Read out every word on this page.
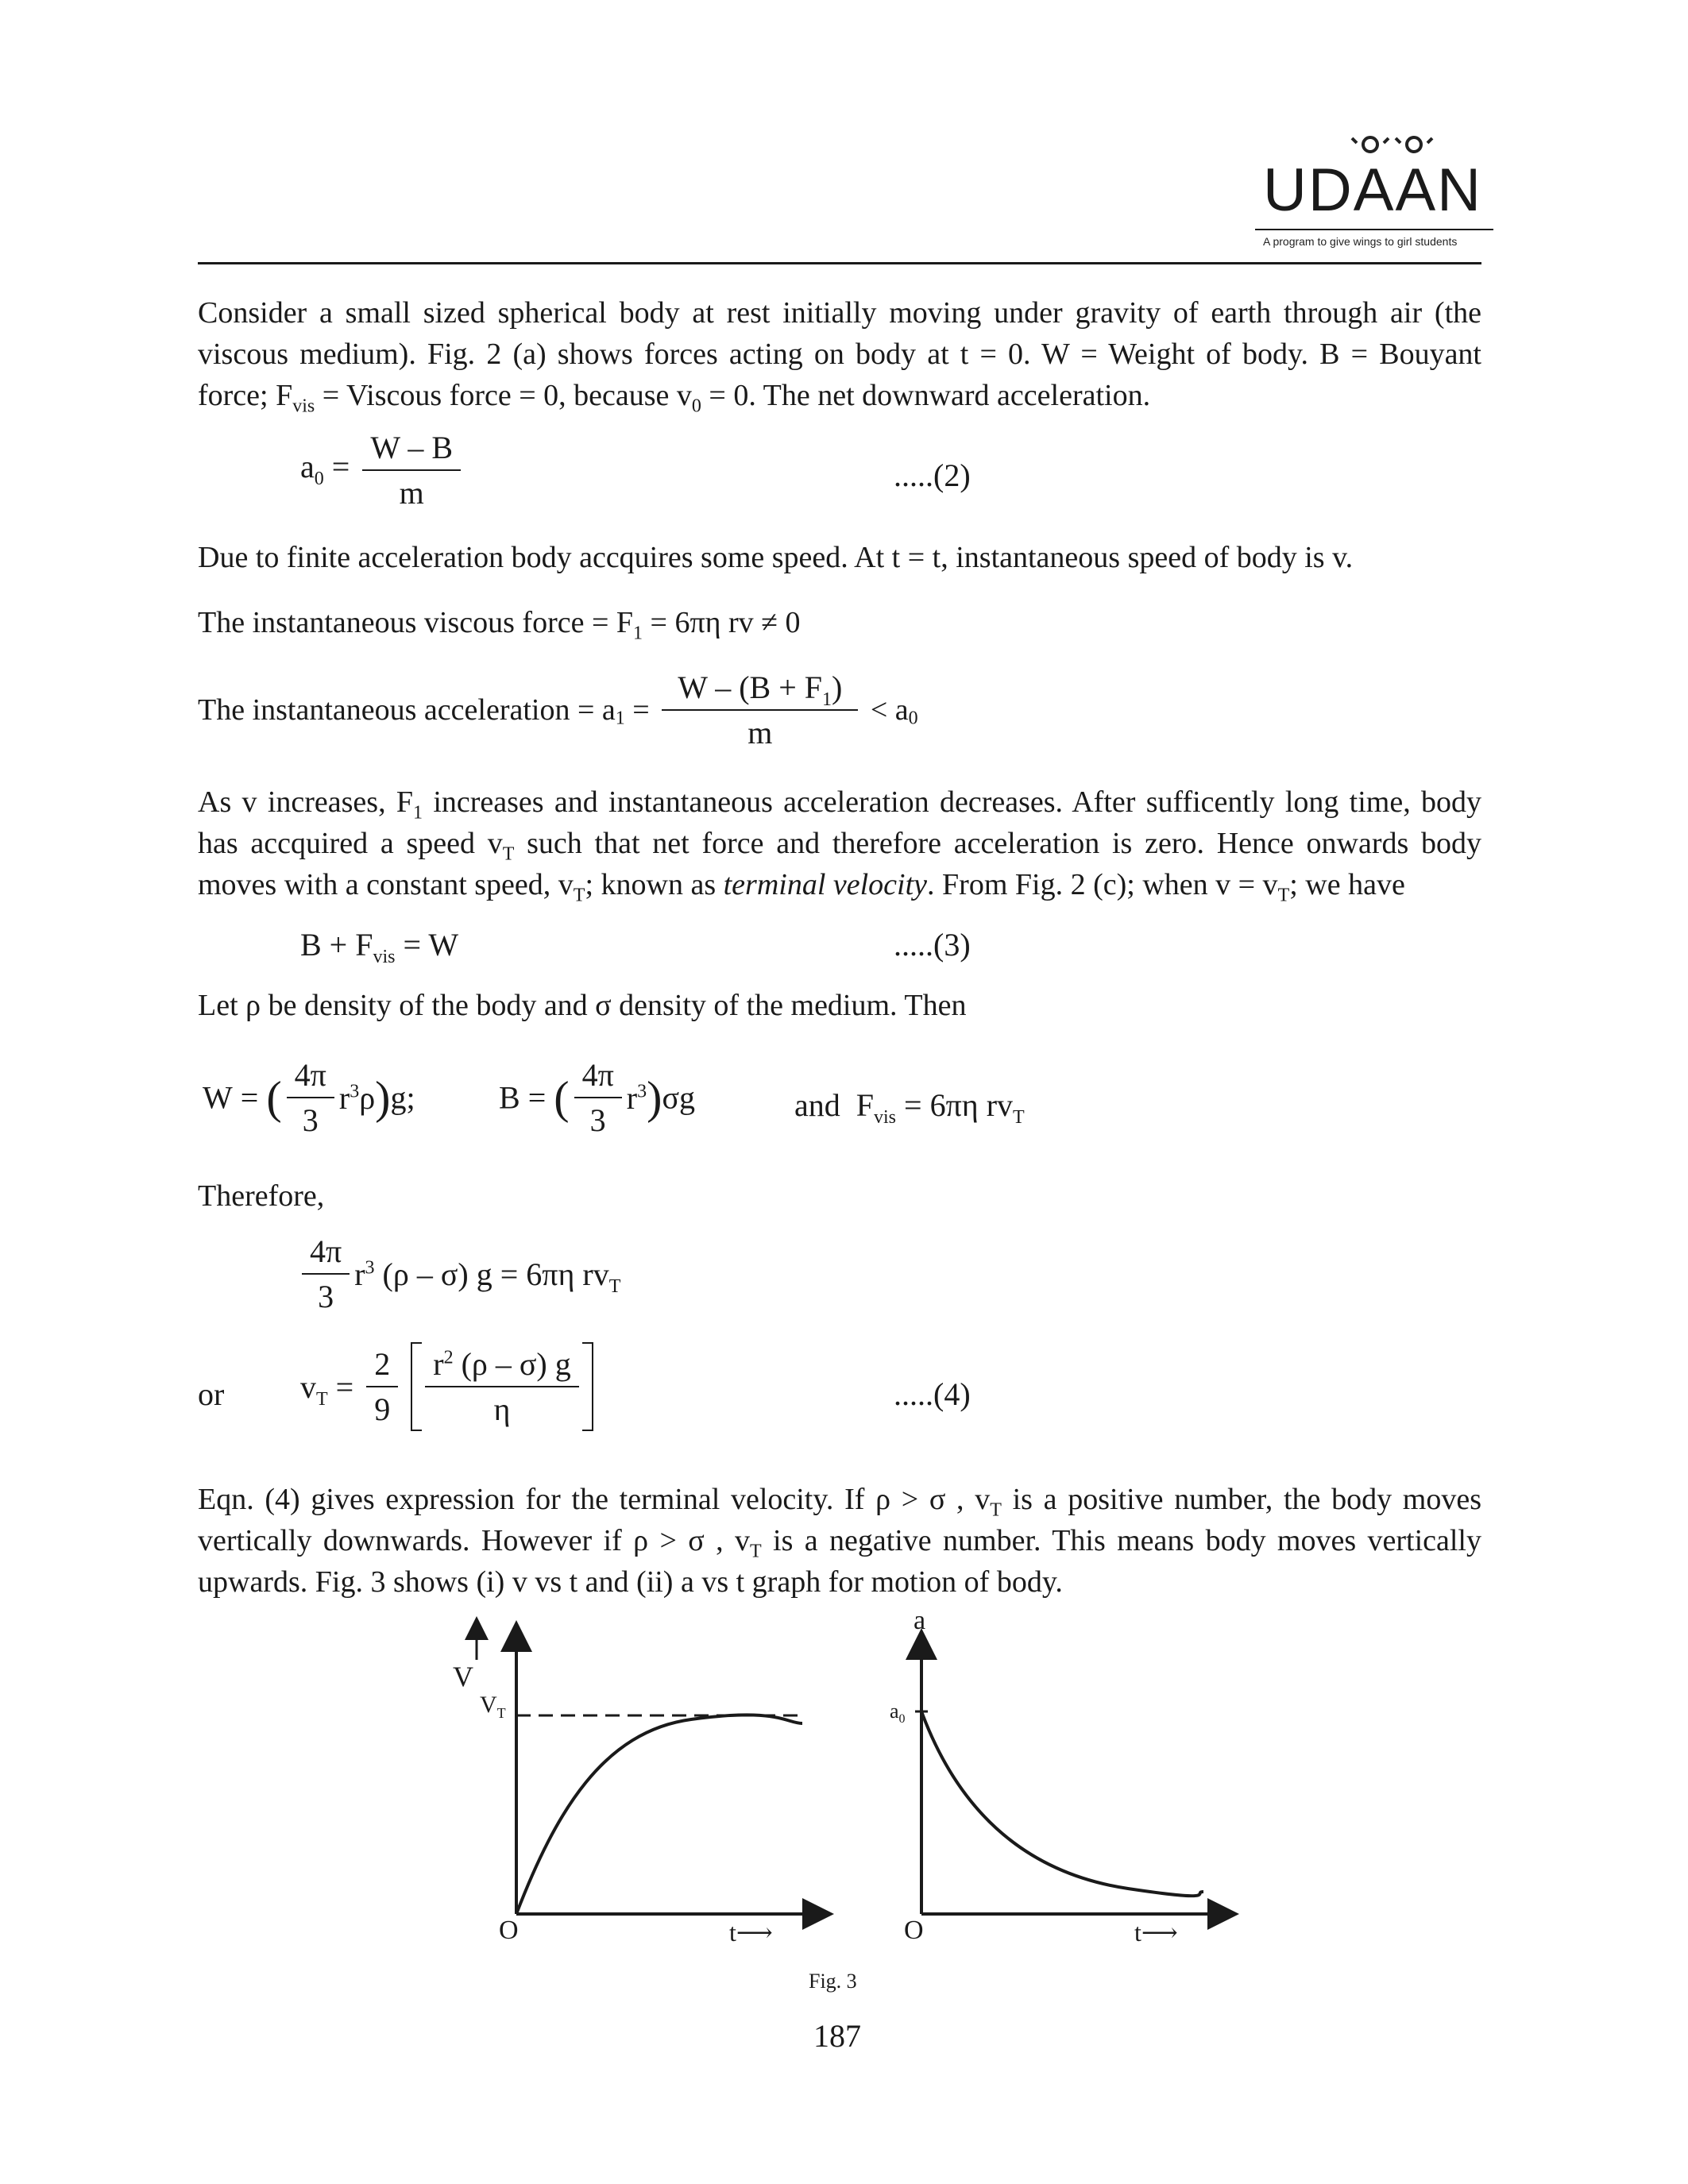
UDAAN
A program to give wings to girl students
Consider a small sized spherical body at rest initially moving under gravity of earth through air (the viscous medium). Fig. 2 (a) shows forces acting on body at t = 0. W = Weight of body. B = Bouyant force; $F_{vis}$ = Viscous force = 0, because $v_0 = 0$. The net downward acceleration.
$a_0 = \frac{W - B}{m}$	.....(2)
Due to finite acceleration body accquires some speed. At t = t, instantaneous speed of body is v.
The instantaneous viscous force = $F_1 = 6\pi\eta$ rv ≠ 0
The instantaneous acceleration = $a_1 = \frac{W - (B + F_1)}{m} < a_0$
As v increases, $F_1$ increases and instantaneous acceleration decreases. After sufficently long time, body has accquired a speed $v_T$ such that net force and therefore acceleration is zero. Hence onwards body moves with a constant speed, $v_T$; known as terminal velocity. From Fig. 2 (c); when $v = v_T$; we have
$B + F_{vis} = W$	.....(3)
Let ρ be density of the body and σ density of the medium. Then
W = ( $\frac{4\pi}{3} r^3\rho)g$;	B = ( $\frac{4\pi}{3} r^3)\sigma g$	and $F_{vis} = 6\pi\eta$ $rv_T$
Therefore,
$\frac{4\pi}{3} r^3$ (ρ – σ) g = 6πη $rv_T$
or $v_T = \frac{2}{9}$
$\frac{r^2 (\rho - \sigma) g}{\eta}$	.....(4)
Eqn. (4) gives expression for the terminal velocity. If ρ > σ , $v_T$ is a positive number, the body moves vertically downwards. However if ρ > σ , $v_T$ is a negative number. This means body moves vertically upwards. Fig. 3 shows (i) v vs t and (ii) a vs t graph for motion of body.
V
$V_T$
O	t⟶
a
$a_0$
O	t⟶
Fig. 3
187
